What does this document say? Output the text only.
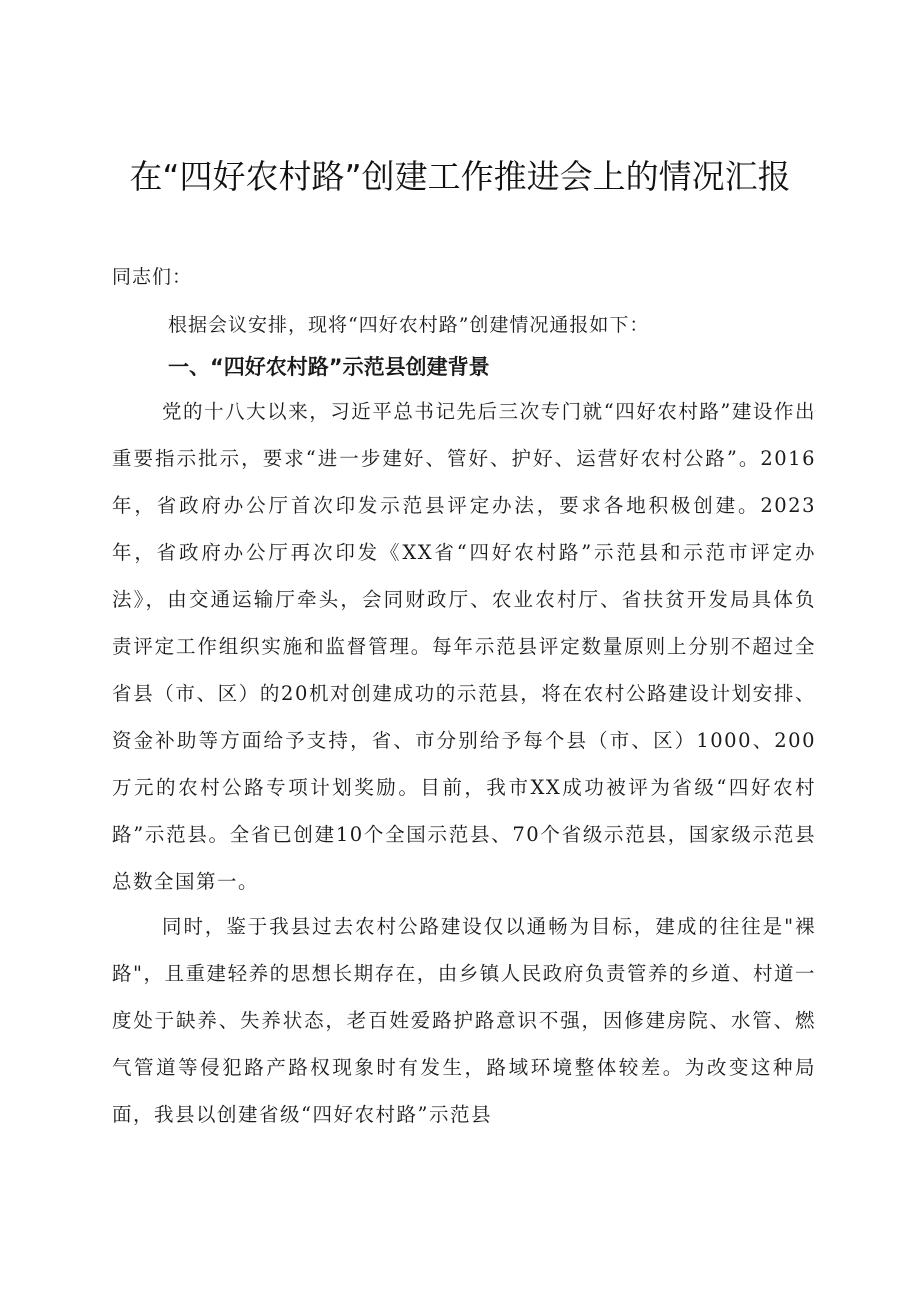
在“四好农村路”创建工作推进会上的情况汇报

同志们：

根据会议安排，现将“四好农村路”创建情况通报如下：

一、“四好农村路”示范县创建背景

党的十八大以来，习近平总书记先后三次专门就“四好农村路”建设作出重要指示批示，要求“进一步建好、管好、护好、运营好农村公路”。2016年，省政府办公厅首次印发示范县评定办法，要求各地积极创建。2023年，省政府办公厅再次印发《XX省“四好农村路”示范县和示范市评定办法》，由交通运输厅牵头，会同财政厅、农业农村厅、省扶贫开发局具体负责评定工作组织实施和监督管理。每年示范县评定数量原则上分别不超过全省县（市、区）的20机对创建成功的示范县，将在农村公路建设计划安排、资金补助等方面给予支持，省、市分别给予每个县（市、区）1000、200万元的农村公路专项计划奖励。目前，我市XX成功被评为省级“四好农村路”示范县。全省已创建10个全国示范县、70个省级示范县，国家级示范县总数全国第一。

同时，鉴于我县过去农村公路建设仅以通畅为目标，建成的往往是"裸路"，且重建轻养的思想长期存在，由乡镇人民政府负责管养的乡道、村道一度处于缺养、失养状态，老百姓爱路护路意识不强，因修建房院、水管、燃气管道等侵犯路产路权现象时有发生，路域环境整体较差。为改变这种局面，我县以创建省级“四好农村路”示范县
